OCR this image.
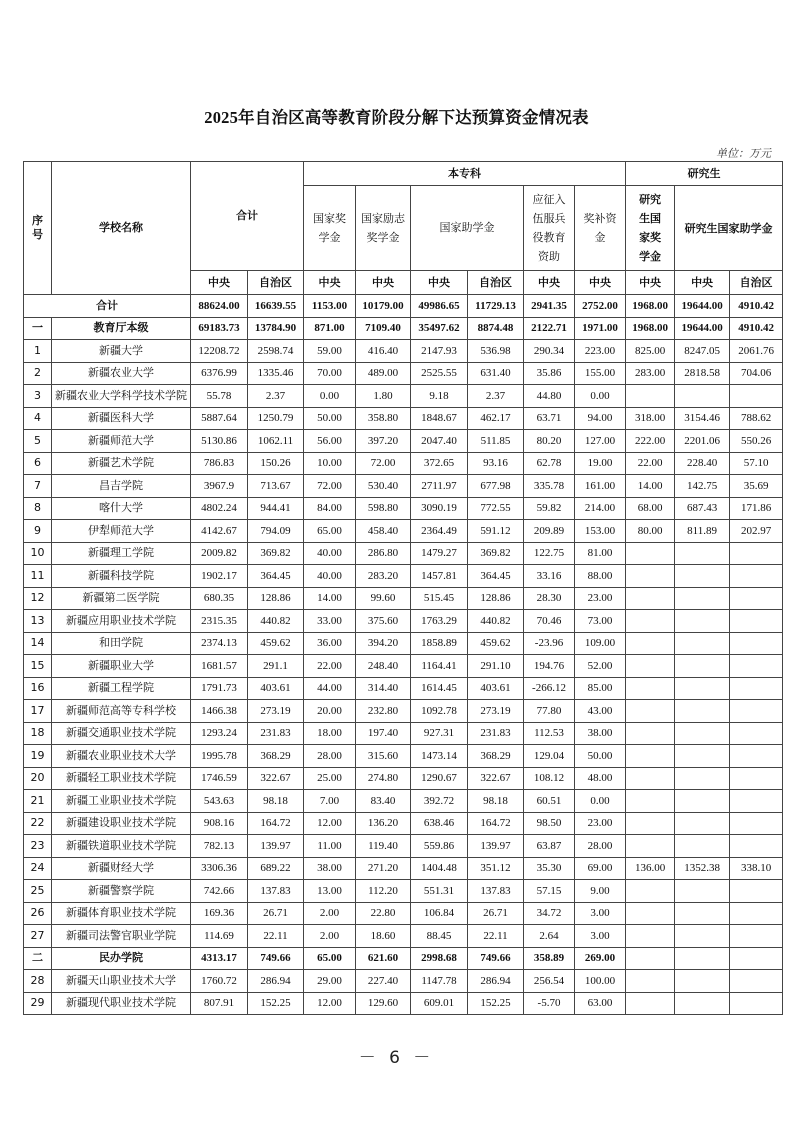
2025年自治区高等教育阶段分解下达预算资金情况表
单位：万元
序号	学校名称	合计		本专科						研究生		
				国家奖学金	国家励志奖学金	国家助学金		应征入伍服兵役教育资助	奖补资金	研究生国家奖学金	研究生国家助学金	
		中央	自治区	中央	中央	中央	自治区	中央	中央	中央	中央	自治区
合计		88624.00	16639.55	1153.00	10179.00	49986.65	11729.13	2941.35	2752.00	1968.00	19644.00	4910.42
一	教育厅本级	69183.73	13784.90	871.00	7109.40	35497.62	8874.48	2122.71	1971.00	1968.00	19644.00	4910.42
1	新疆大学	12208.72	2598.74	59.00	416.40	2147.93	536.98	290.34	223.00	825.00	8247.05	2061.76
2	新疆农业大学	6376.99	1335.46	70.00	489.00	2525.55	631.40	35.86	155.00	283.00	2818.58	704.06
3	新疆农业大学科学技术学院	55.78	2.37	0.00	1.80	9.18	2.37	44.80	0.00			
4	新疆医科大学	5887.64	1250.79	50.00	358.80	1848.67	462.17	63.71	94.00	318.00	3154.46	788.62
5	新疆师范大学	5130.86	1062.11	56.00	397.20	2047.40	511.85	80.20	127.00	222.00	2201.06	550.26
6	新疆艺术学院	786.83	150.26	10.00	72.00	372.65	93.16	62.78	19.00	22.00	228.40	57.10
7	昌吉学院	3967.9	713.67	72.00	530.40	2711.97	677.98	335.78	161.00	14.00	142.75	35.69
8	喀什大学	4802.24	944.41	84.00	598.80	3090.19	772.55	59.82	214.00	68.00	687.43	171.86
9	伊犁师范大学	4142.67	794.09	65.00	458.40	2364.49	591.12	209.89	153.00	80.00	811.89	202.97
10	新疆理工学院	2009.82	369.82	40.00	286.80	1479.27	369.82	122.75	81.00			
11	新疆科技学院	1902.17	364.45	40.00	283.20	1457.81	364.45	33.16	88.00			
12	新疆第二医学院	680.35	128.86	14.00	99.60	515.45	128.86	28.30	23.00			
13	新疆应用职业技术学院	2315.35	440.82	33.00	375.60	1763.29	440.82	70.46	73.00			
14	和田学院	2374.13	459.62	36.00	394.20	1858.89	459.62	-23.96	109.00			
15	新疆职业大学	1681.57	291.1	22.00	248.40	1164.41	291.10	194.76	52.00			
16	新疆工程学院	1791.73	403.61	44.00	314.40	1614.45	403.61	-266.12	85.00			
17	新疆师范高等专科学校	1466.38	273.19	20.00	232.80	1092.78	273.19	77.80	43.00			
18	新疆交通职业技术学院	1293.24	231.83	18.00	197.40	927.31	231.83	112.53	38.00			
19	新疆农业职业技术大学	1995.78	368.29	28.00	315.60	1473.14	368.29	129.04	50.00			
20	新疆轻工职业技术学院	1746.59	322.67	25.00	274.80	1290.67	322.67	108.12	48.00			
21	新疆工业职业技术学院	543.63	98.18	7.00	83.40	392.72	98.18	60.51	0.00			
22	新疆建设职业技术学院	908.16	164.72	12.00	136.20	638.46	164.72	98.50	23.00			
23	新疆铁道职业技术学院	782.13	139.97	11.00	119.40	559.86	139.97	63.87	28.00			
24	新疆财经大学	3306.36	689.22	38.00	271.20	1404.48	351.12	35.30	69.00	136.00	1352.38	338.10
25	新疆警察学院	742.66	137.83	13.00	112.20	551.31	137.83	57.15	9.00			
26	新疆体育职业技术学院	169.36	26.71	2.00	22.80	106.84	26.71	34.72	3.00			
27	新疆司法警官职业学院	114.69	22.11	2.00	18.60	88.45	22.11	2.64	3.00			
二	民办学院	4313.17	749.66	65.00	621.60	2998.68	749.66	358.89	269.00			
28	新疆天山职业技术大学	1760.72	286.94	29.00	227.40	1147.78	286.94	256.54	100.00			
29	新疆现代职业技术学院	807.91	152.25	12.00	129.60	609.01	152.25	-5.70	63.00			
－ 6 －
